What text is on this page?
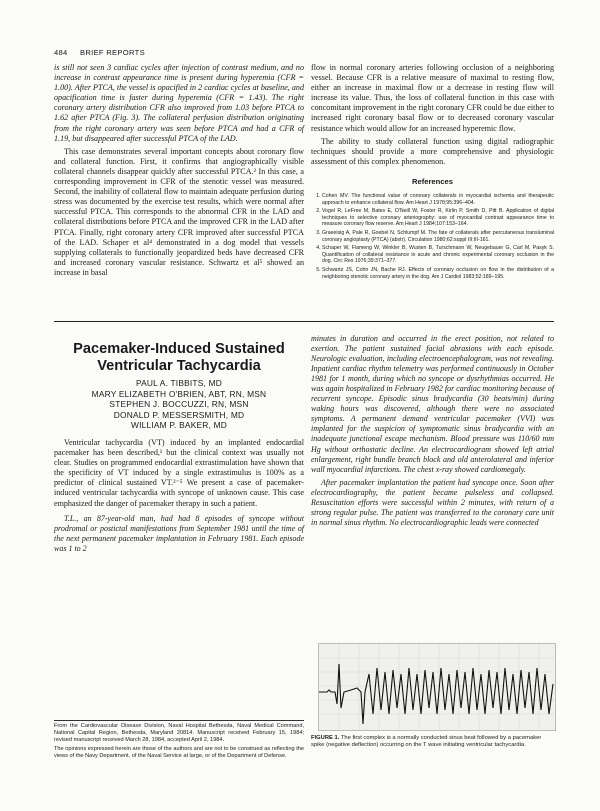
484 BRIEF REPORTS

is still not seen 3 cardiac cycles after injection of contrast medium, and no increase in contrast appearance time is present during hyperemia (CFR = 1.00). After PTCA, the vessel is opacified in 2 cardiac cycles at baseline, and opacification time is faster during hyperemia (CFR = 1.43). The right coronary artery distribution CFR also improved from 1.03 before PTCA to 1.62 after PTCA (Fig. 3). The collateral perfusion distribution originating from the right coronary artery was seen before PTCA and had a CFR of 1.19, but disappeared after successful PTCA of the LAD.

This case demonstrates several important concepts about coronary flow and collateral function. First, it confirms that angiographically visible collateral channels disappear quickly after successful PTCA.² In this case, a corresponding improvement in CFR of the stenotic vessel was measured. Second, the inability of collateral flow to maintain adequate perfusion during stress was documented by the exercise test results, which were normal after successful PTCA. This corresponds to the abnormal CFR in the LAD and collateral distributions before PTCA and the improved CFR in the LAD after PTCA. Finally, right coronary artery CFR improved after successful PTCA of the LAD. Schaper et al⁴ demonstrated in a dog model that vessels supplying collaterals to functionally jeopardized beds have decreased CFR and increased coronary vascular resistance. Schwartz et al⁵ showed an increase in basal

flow in normal coronary arteries following occlusion of a neighboring vessel. Because CFR is a relative measure of maximal to resting flow, either an increase in maximal flow or a decrease in resting flow will increase its value. Thus, the loss of collateral function in this case with concomitant improvement in the right coronary CFR could be due either to increased right coronary basal flow or to decreased coronary vascular resistance which would allow for an increased hyperemic flow.

The ability to study collateral function using digital radiographic techniques should provide a more comprehensive and physiologic assessment of this complex phenomenon.

References
1. Cohen MV. The functional value of coronary collaterals in myocardial ischemia and therapeutic approach to enhance collateral flow. Am Heart J 1978;95:396–404.
2. Vogel R, LeFree M, Bates E, O'Neill W, Foster R, Kirlin P, Smith D, Pitt B. Application of digital techniques to selective coronary arteriography: use of myocardial contrast appearance time to measure coronary flow reserve. Am Heart J 1984;107:153–164.
3. Graeeisig A, Pale R, Goebel N, Schlumpf M. The fate of collaterals after percutaneous transluminal coronary angioplasty (PTCA) (abstr). Circulation 1980;62:suppl III:III-161.
4. Schaper W, Flameng W, Winkler B, Wusten B, Turschmann W, Neugebauer G, Carl M, Pasyk S. Quantification of collateral resistance in acute and chronic experimental coronary occlusion in the dog. Circ Res 1976;39:371–377.
5. Schwartz JS, Cohn JN, Bache RJ. Effects of coronary occlusion on flow in the distribution of a neighboring stenotic coronary artery in the dog. Am J Cardiol 1983;52:189–195.
Pacemaker-Induced Sustained Ventricular Tachycardia
PAUL A. TIBBITS, MD
MARY ELIZABETH O'BRIEN, ABT, RN, MSN
STEPHEN J. BOCCUZZI, RN, MSN
DONALD P. MESSERSMITH, MD
WILLIAM P. BAKER, MD

Ventricular tachycardia (VT) induced by an implanted endocardial pacemaker has been described,¹ but the clinical context was usually not clear. Studies on programmed endocardial extrastimulation have shown that the specificity of VT induced by a single extrastimulus is 100% as a predictor of clinical sustained VT.²⁻⁵ We present a case of pacemaker-induced ventricular tachycardia with syncope of unknown cause. This case emphasized the danger of pacemaker therapy in such a patient.

T.L., an 87-year-old man, had had 8 episodes of syncope without prodromal or postictal manifestations from September 1981 until the time of the next permanent pacemaker implantation in February 1981. Each episode was 1 to 2

From the Cardiovascular Disease Division, Naval Hospital Bethesda, Naval Medical Command, National Capital Region, Bethesda, Maryland 20814. Manuscript received February 15, 1984; revised manuscript received March 28, 1984, accepted April 2, 1984.

The opinions expressed herein are those of the authors and are not to be construed as reflecting the views of the Navy Department, of the Naval Service at large, or of the Department of Defense.

minutes in duration and occurred in the erect position, not related to exertion. The patient sustained facial abrasions with each episode. Neurologic evaluation, including electroencephalogram, was not revealing. Inpatient cardiac rhythm telemetry was performed continuously in October 1981 for 1 month, during which no syncope or dysrhythmias occurred. He was again hospitalized in February 1982 for cardiac monitoring because of recurrent syncope. Episodic sinus bradycardia (30 beats/min) during waking hours was discovered, although there were no associated symptoms. A permanent demand ventricular pacemaker (VVI) was implanted for the suspicion of symptomatic sinus bradycardia with an inadequate junctional escape mechanism. Blood pressure was 110/60 mm Hg without orthostatic decline. An electrocardiogram showed left atrial enlargement, right bundle branch block and old anterolateral and inferior wall myocardial infarctions. The chest x-ray showed cardiomegaly.

After pacemaker implantation the patient had syncope once. Soon after electrocardiography, the patient became pulseless and collapsed. Resuscitation efforts were successful within 2 minutes, with return of a strong regular pulse. The patient was transferred to the coronary care unit in normal sinus rhythm. No electrocardiographic leads were connected

FIGURE 1. The first complex is a normally conducted sinus beat followed by a pacemaker spike (negative deflection) occurring on the T wave initiating ventricular tachycardia.
